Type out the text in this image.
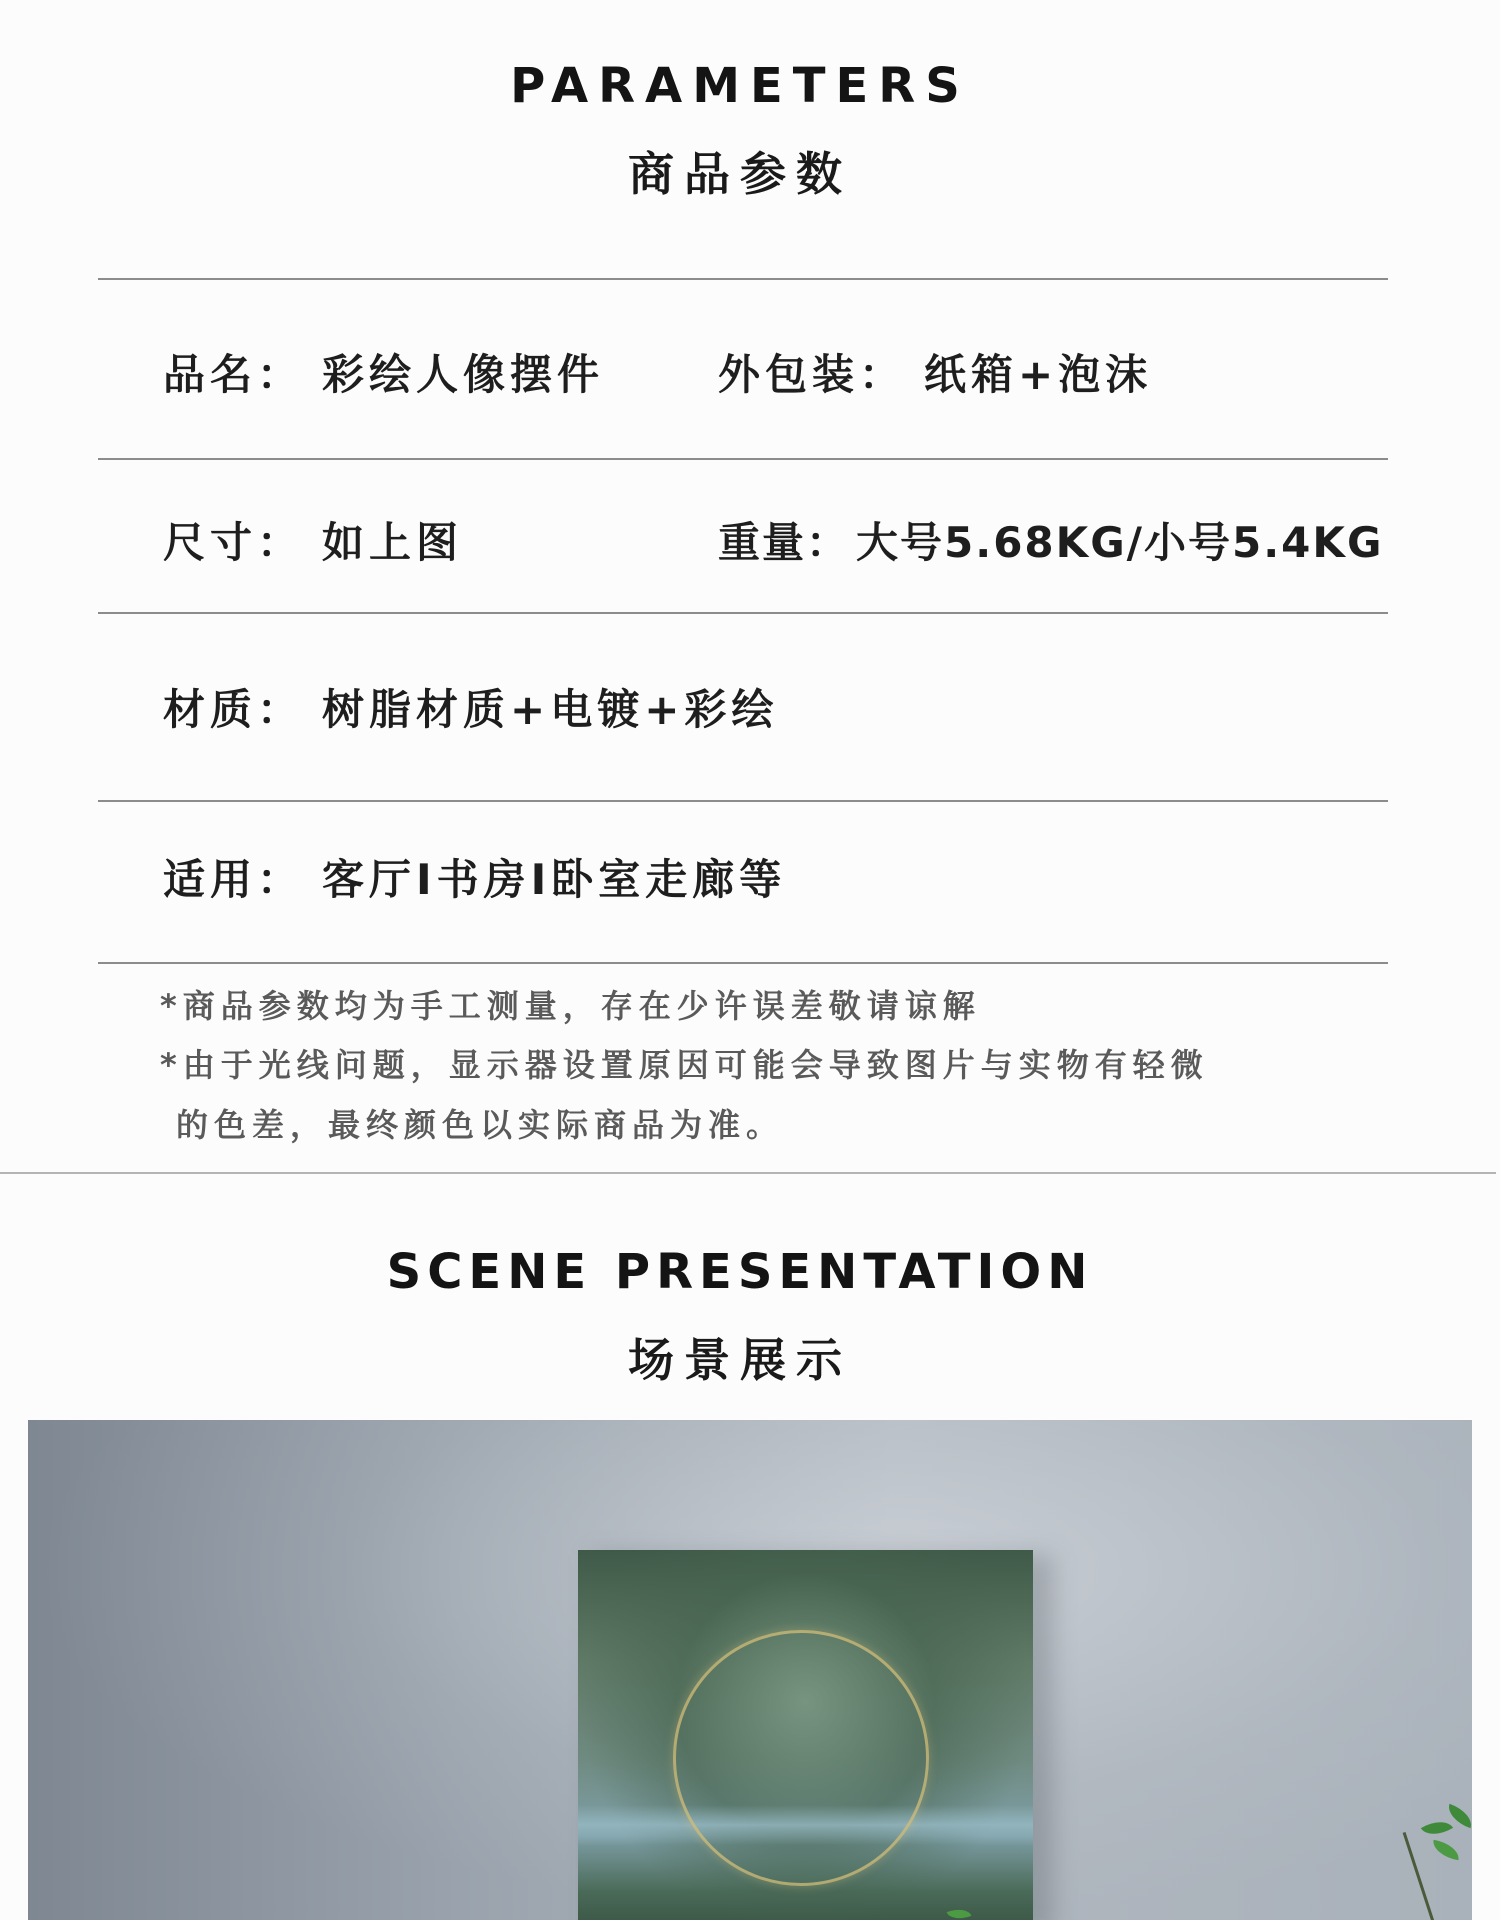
PARAMETERS
商品参数
品名： 彩绘人像摆件	外包装： 纸箱+泡沫
尺寸： 如上图	重量： 大号5.68KG/小号5.4KG
材质： 树脂材质+电镀+彩绘
适用： 客厅I书房I卧室走廊等
*商品参数均为手工测量，存在少许误差敬请谅解
*由于光线问题，显示器设置原因可能会导致图片与实物有轻微
的色差，最终颜色以实际商品为准。
SCENE PRESENTATION
场景展示
